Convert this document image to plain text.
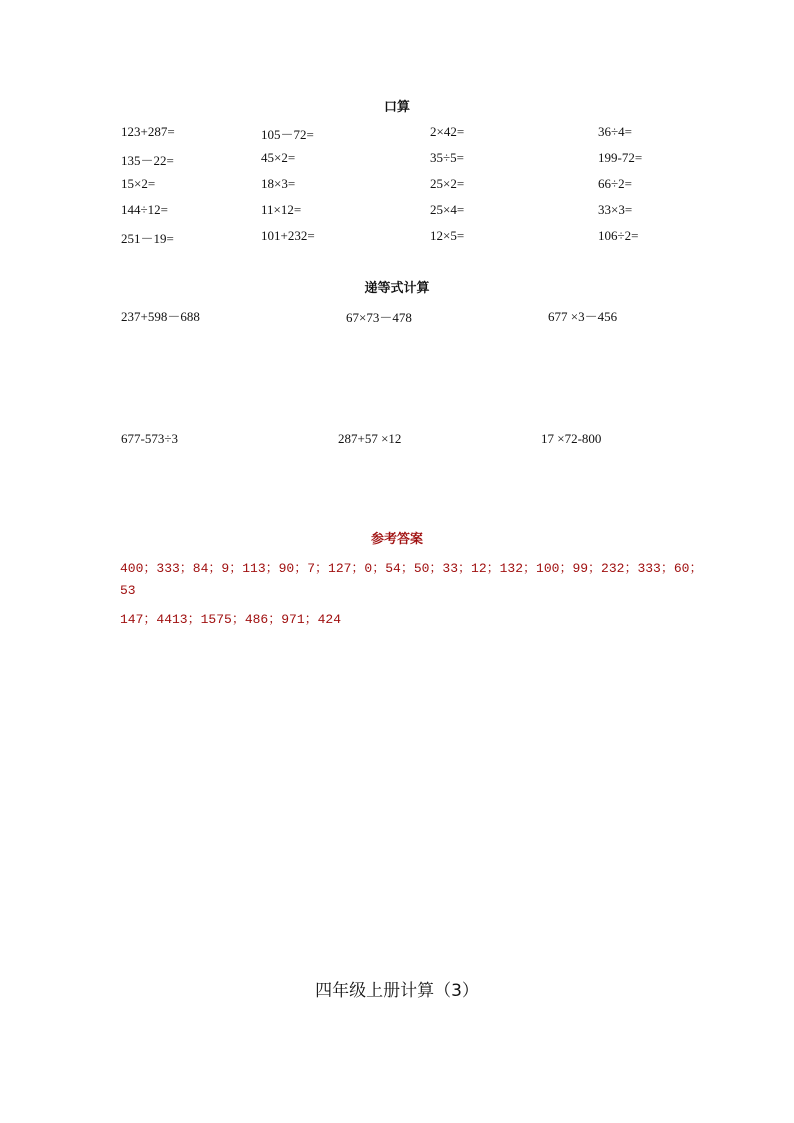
口算
123+287=	105－72=	2×42=	36÷4=
135－22=	45×2=	35÷5=	199-72=
15×2=	18×3=	25×2=	66÷2=
144÷12=	11×12=	25×4=	33×3=
251－19=	101+232=	12×5=	106÷2=
递等式计算
237+598－688	67×73－478	677 ×3－456
677-573÷3	287+57 ×12	17 ×72-800
参考答案
400；333；84；9；113；90；7；127；0；54；50；33；12；132；100；99；232；333；60；
53
147；4413；1575；486；971；424
四年级上册计算（3）
